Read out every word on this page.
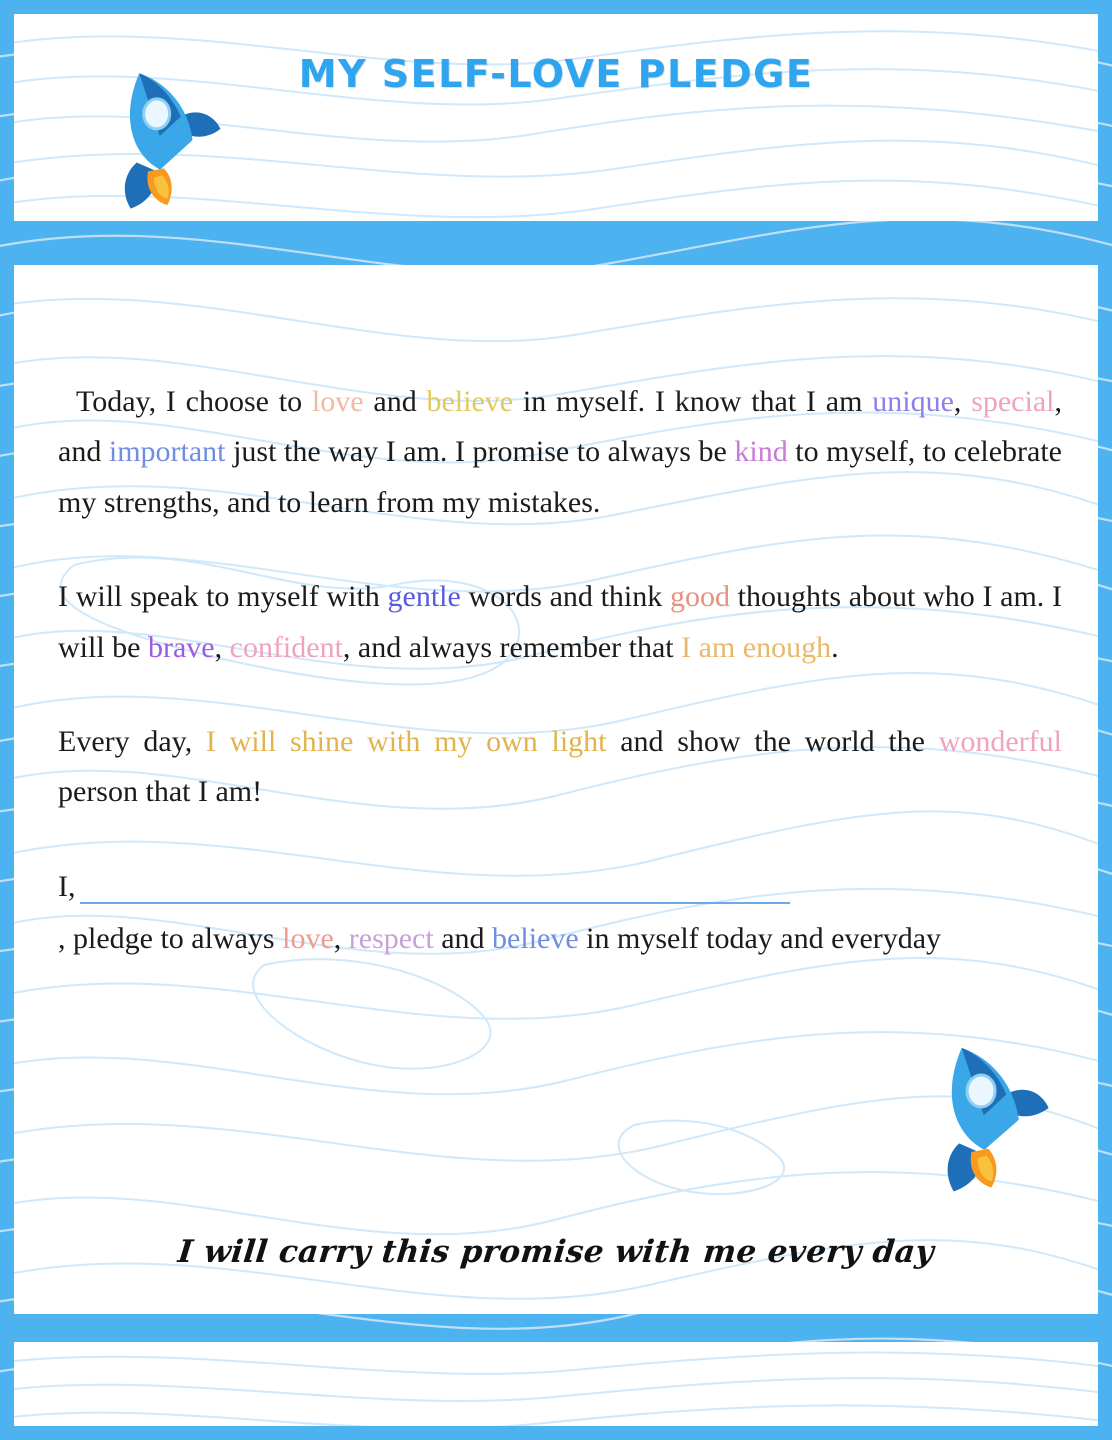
MY SELF-LOVE PLEDGE

Today, I choose to love and believe in myself. I know that I am unique, special, and important just the way I am. I promise to always be kind to myself, to celebrate my strengths, and to learn from my mistakes.

I will speak to myself with gentle words and think good thoughts about who I am. I will be brave, confident, and always remember that I am enough.

Every day, I will shine with my own light and show the world the wonderful person that I am!

I,
, pledge to always love, respect and believe in myself today and everyday
I will carry this promise with me every day
